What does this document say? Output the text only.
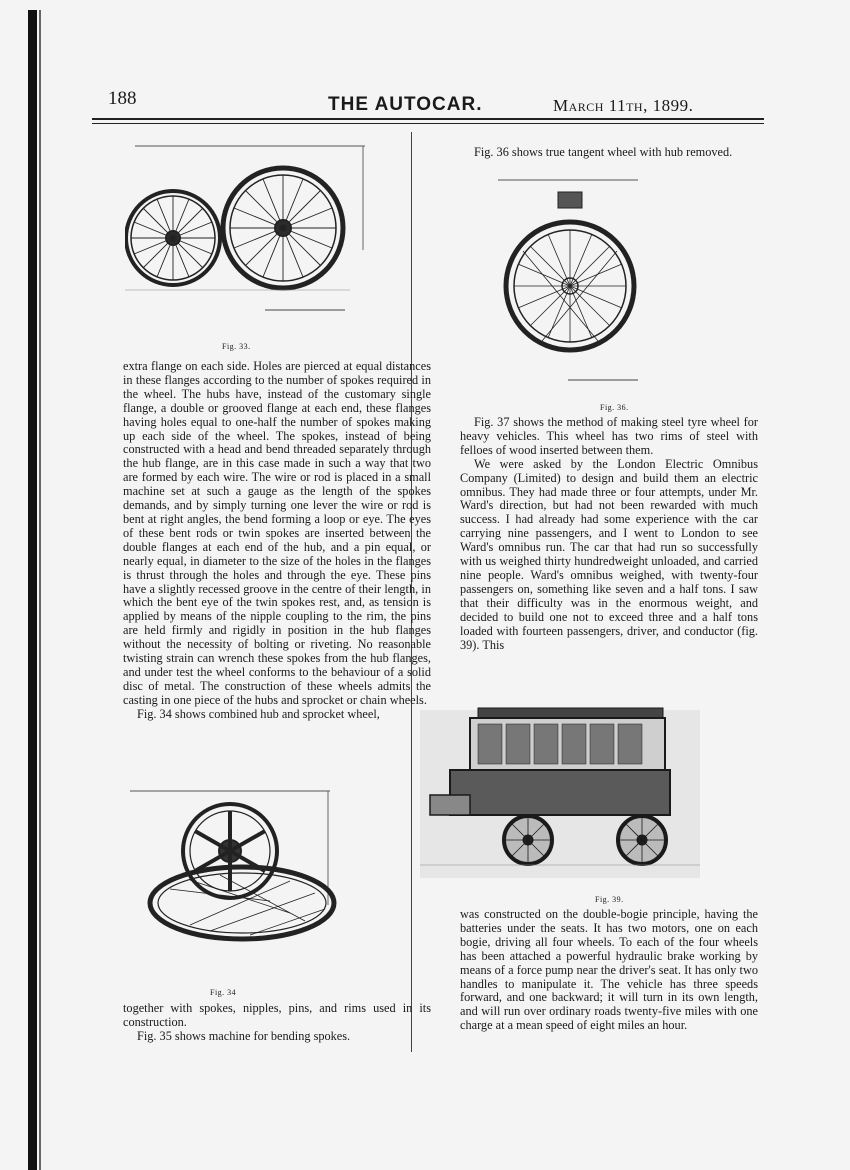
188	THE AUTOCAR.	March 11th, 1899.
Fig. 33.

extra flange on each side. Holes are pierced at equal distances in these flanges according to the number of spokes required in the wheel. The hubs have, instead of the customary single flange, a double or grooved flange at each end, these flanges having holes equal to one-half the number of spokes making up each side of the wheel. The spokes, instead of being constructed with a head and bend threaded separately through the hub flange, are in this case made in such a way that two are formed by each wire. The wire or rod is placed in a small machine set at such a gauge as the length of the spokes demands, and by simply turning one lever the wire or rod is bent at right angles, the bend forming a loop or eye. The eyes of these bent rods or twin spokes are inserted between the double flanges at each end of the hub, and a pin equal, or nearly equal, in diameter to the size of the holes in the flanges is thrust through the holes and through the eye. These pins have a slightly recessed groove in the centre of their length, in which the bent eye of the twin spokes rest, and, as tension is applied by means of the nipple coupling to the rim, the pins are held firmly and rigidly in position in the hub flanges without the necessity of bolting or riveting. No reasonable twisting strain can wrench these spokes from the hub flanges, and under test the wheel conforms to the behaviour of a solid disc of metal. The construction of these wheels admits the casting in one piece of the hubs and sprocket or chain wheels.

Fig. 34 shows combined hub and sprocket wheel,

Fig. 34

together with spokes, nipples, pins, and rims used in its construction.

Fig. 35 shows machine for bending spokes.

Fig. 36 shows true tangent wheel with hub removed.

Fig. 36.

Fig. 37 shows the method of making steel tyre wheel for heavy vehicles. This wheel has two rims of steel with felloes of wood inserted between them.

We were asked by the London Electric Omnibus Company (Limited) to design and build them an electric omnibus. They had made three or four attempts, under Mr. Ward's direction, but had not been rewarded with much success. I had already had some experience with the car carrying nine passengers, and I went to London to see Ward's omnibus run. The car that had run so successfully with us weighed thirty hundredweight unloaded, and carried nine people. Ward's omnibus weighed, with twenty-four passengers on, something like seven and a half tons. I saw that their difficulty was in the enormous weight, and decided to build one not to exceed three and a half tons loaded with fourteen passengers, driver, and conductor (fig. 39). This

Fig. 39.

was constructed on the double-bogie principle, having the batteries under the seats. It has two motors, one on each bogie, driving all four wheels. To each of the four wheels has been attached a powerful hydraulic brake working by means of a force pump near the driver's seat. It has only two handles to manipulate it. The vehicle has three speeds forward, and one backward; it will turn in its own length, and will run over ordinary roads twenty-five miles with one charge at a mean speed of eight miles an hour.
